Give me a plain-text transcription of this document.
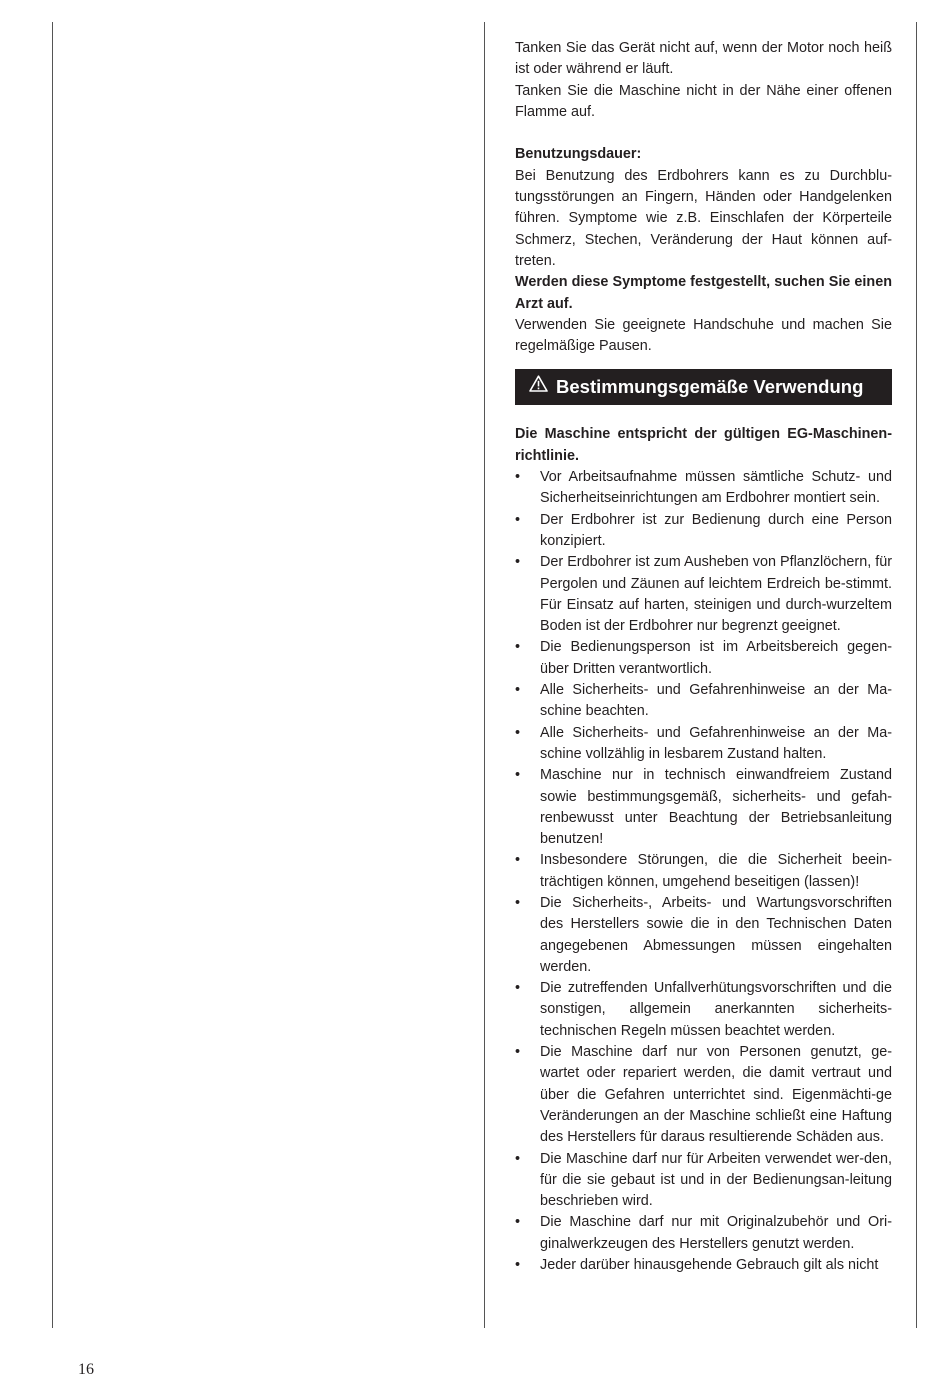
Tanken Sie das Gerät nicht auf, wenn der Motor noch heiß ist oder während er läuft.

Tanken Sie die Maschine nicht in der Nähe einer offenen Flamme auf.

Benutzungsdauer:

Bei Benutzung des Erdbohrers kann es zu Durchblu-tungsstörungen an Fingern, Händen oder Handgelenken führen. Symptome wie z.B. Einschlafen der Körperteile Schmerz, Stechen, Veränderung der Haut können auf-treten.

Werden diese Symptome festgestellt, suchen Sie einen Arzt auf.

Verwenden Sie geeignete Handschuhe und machen Sie regelmäßige Pausen.

Bestimmungsgemäße Verwendung

Die Maschine entspricht der gültigen EG-Maschinen-richtlinie.

• Vor Arbeitsaufnahme müssen sämtliche Schutz- und Sicherheitseinrichtungen am Erdbohrer montiert sein.
• Der Erdbohrer ist zur Bedienung durch eine Person konzipiert.
• Der Erdbohrer ist zum Ausheben von Pflanzlöchern, für Pergolen und Zäunen auf leichtem Erdreich be-stimmt. Für Einsatz auf harten, steinigen und durch-wurzeltem Boden ist der Erdbohrer nur begrenzt geeignet.
• Die Bedienungsperson ist im Arbeitsbereich gegen-über Dritten verantwortlich.
• Alle Sicherheits- und Gefahrenhinweise an der Ma-schine beachten.
• Alle Sicherheits- und Gefahrenhinweise an der Ma-schine vollzählig in lesbarem Zustand halten.
• Maschine nur in technisch einwandfreiem Zustand sowie bestimmungsgemäß, sicherheits- und gefah-renbewusst unter Beachtung der Betriebsanleitung benutzen!
• Insbesondere Störungen, die die Sicherheit beein-trächtigen können, umgehend beseitigen (lassen)!
• Die Sicherheits-, Arbeits- und Wartungsvorschriften des Herstellers sowie die in den Technischen Daten angegebenen Abmessungen müssen eingehalten werden.
• Die zutreffenden Unfallverhütungsvorschriften und die sonstigen, allgemein anerkannten sicherheits-technischen Regeln müssen beachtet werden.
• Die Maschine darf nur von Personen genutzt, ge-wartet oder repariert werden, die damit vertraut und über die Gefahren unterrichtet sind. Eigenmächti-ge Veränderungen an der Maschine schließt eine Haftung des Herstellers für daraus resultierende Schäden aus.
• Die Maschine darf nur für Arbeiten verwendet wer-den, für die sie gebaut ist und in der Bedienungsan-leitung beschrieben wird.
• Die Maschine darf nur mit Originalzubehör und Ori-ginalwerkzeugen des Herstellers genutzt werden.
• Jeder darüber hinausgehende Gebrauch gilt als nicht
16
